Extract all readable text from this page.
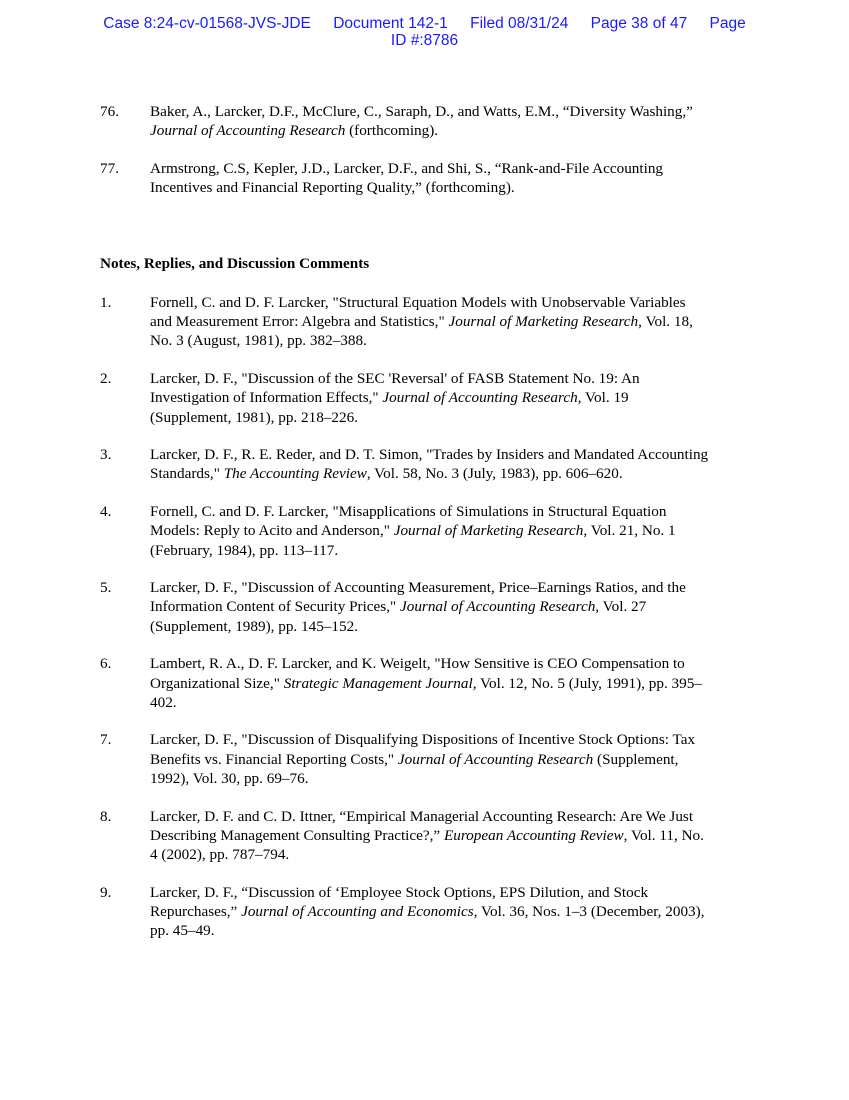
Case 8:24-cv-01568-JVS-JDE Document 142-1 Filed 08/31/24 Page 38 of 47 Page
ID #:8786
76. Baker, A., Larcker, D.F., McClure, C., Saraph, D., and Watts, E.M., “Diversity Washing,” Journal of Accounting Research (forthcoming).
77. Armstrong, C.S, Kepler, J.D., Larcker, D.F., and Shi, S., “Rank-and-File Accounting Incentives and Financial Reporting Quality,” (forthcoming).
Notes, Replies, and Discussion Comments
1.	Fornell, C. and D. F. Larcker, "Structural Equation Models with Unobservable Variables and Measurement Error: Algebra and Statistics," Journal of Marketing Research, Vol. 18, No. 3 (August, 1981), pp. 382–388.
2.	Larcker, D. F., "Discussion of the SEC 'Reversal' of FASB Statement No. 19: An Investigation of Information Effects," Journal of Accounting Research, Vol. 19 (Supplement, 1981), pp. 218–226.
3.	Larcker, D. F., R. E. Reder, and D. T. Simon, "Trades by Insiders and Mandated Accounting Standards," The Accounting Review, Vol. 58, No. 3 (July, 1983), pp. 606–620.
4.	Fornell, C. and D. F. Larcker, "Misapplications of Simulations in Structural Equation Models: Reply to Acito and Anderson," Journal of Marketing Research, Vol. 21, No. 1 (February, 1984), pp. 113–117.
5.	Larcker, D. F., "Discussion of Accounting Measurement, Price–Earnings Ratios, and the Information Content of Security Prices," Journal of Accounting Research, Vol. 27 (Supplement, 1989), pp. 145–152.
6.	Lambert, R. A., D. F. Larcker, and K. Weigelt, "How Sensitive is CEO Compensation to Organizational Size," Strategic Management Journal, Vol. 12, No. 5 (July, 1991), pp. 395–402.
7.	Larcker, D. F., "Discussion of Disqualifying Dispositions of Incentive Stock Options: Tax Benefits vs. Financial Reporting Costs," Journal of Accounting Research (Supplement, 1992), Vol. 30, pp. 69–76.
8.	Larcker, D. F. and C. D. Ittner, “Empirical Managerial Accounting Research: Are We Just Describing Management Consulting Practice?,” European Accounting Review, Vol. 11, No. 4 (2002), pp. 787–794.
9.	Larcker, D. F., “Discussion of ‘Employee Stock Options, EPS Dilution, and Stock Repurchases,” Journal of Accounting and Economics, Vol. 36, Nos. 1–3 (December, 2003), pp. 45–49.
